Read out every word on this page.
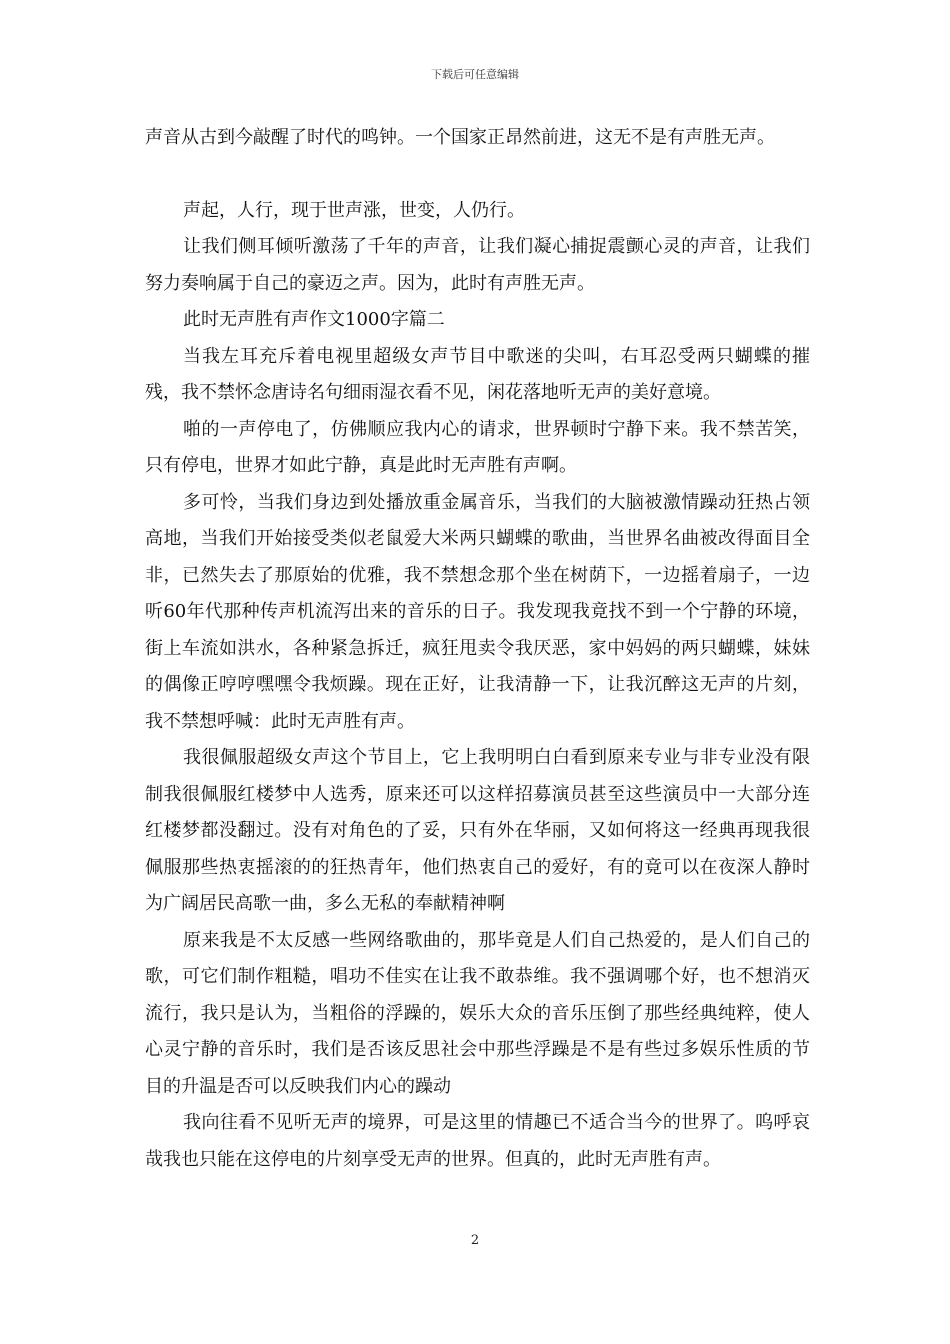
下载后可任意编辑

声音从古到今敲醒了时代的鸣钟。一个国家正昂然前进，这无不是有声胜无声。

声起，人行，现于世声涨，世变，人仍行。

让我们侧耳倾听激荡了千年的声音，让我们凝心捕捉震颤心灵的声音，让我们努力奏响属于自己的豪迈之声。因为，此时有声胜无声。

此时无声胜有声作文1000字篇二

当我左耳充斥着电视里超级女声节目中歌迷的尖叫，右耳忍受两只蝴蝶的摧残，我不禁怀念唐诗名句细雨湿衣看不见，闲花落地听无声的美好意境。

啪的一声停电了，仿佛顺应我内心的请求，世界顿时宁静下来。我不禁苦笑，只有停电，世界才如此宁静，真是此时无声胜有声啊。

多可怜，当我们身边到处播放重金属音乐，当我们的大脑被激情躁动狂热占领高地，当我们开始接受类似老鼠爱大米两只蝴蝶的歌曲，当世界名曲被改得面目全非，已然失去了那原始的优雅，我不禁想念那个坐在树荫下，一边摇着扇子，一边听60年代那种传声机流泻出来的音乐的日子。我发现我竟找不到一个宁静的环境，街上车流如洪水，各种紧急拆迁，疯狂甩卖令我厌恶，家中妈妈的两只蝴蝶，妹妹的偶像正哼哼嘿嘿令我烦躁。现在正好，让我清静一下，让我沉醉这无声的片刻，我不禁想呼喊：此时无声胜有声。

我很佩服超级女声这个节目上，它上我明明白白看到原来专业与非专业没有限制我很佩服红楼梦中人选秀，原来还可以这样招募演员甚至这些演员中一大部分连红楼梦都没翻过。没有对角色的了妥，只有外在华丽，又如何将这一经典再现我很佩服那些热衷摇滚的的狂热青年，他们热衷自己的爱好，有的竟可以在夜深人静时为广阔居民高歌一曲，多么无私的奉献精神啊

原来我是不太反感一些网络歌曲的，那毕竟是人们自己热爱的，是人们自己的歌，可它们制作粗糙，唱功不佳实在让我不敢恭维。我不强调哪个好，也不想消灭流行，我只是认为，当粗俗的浮躁的，娱乐大众的音乐压倒了那些经典纯粹，使人心灵宁静的音乐时，我们是否该反思社会中那些浮躁是不是有些过多娱乐性质的节目的升温是否可以反映我们内心的躁动

我向往看不见听无声的境界，可是这里的情趣已不适合当今的世界了。呜呼哀哉我也只能在这停电的片刻享受无声的世界。但真的，此时无声胜有声。

2
